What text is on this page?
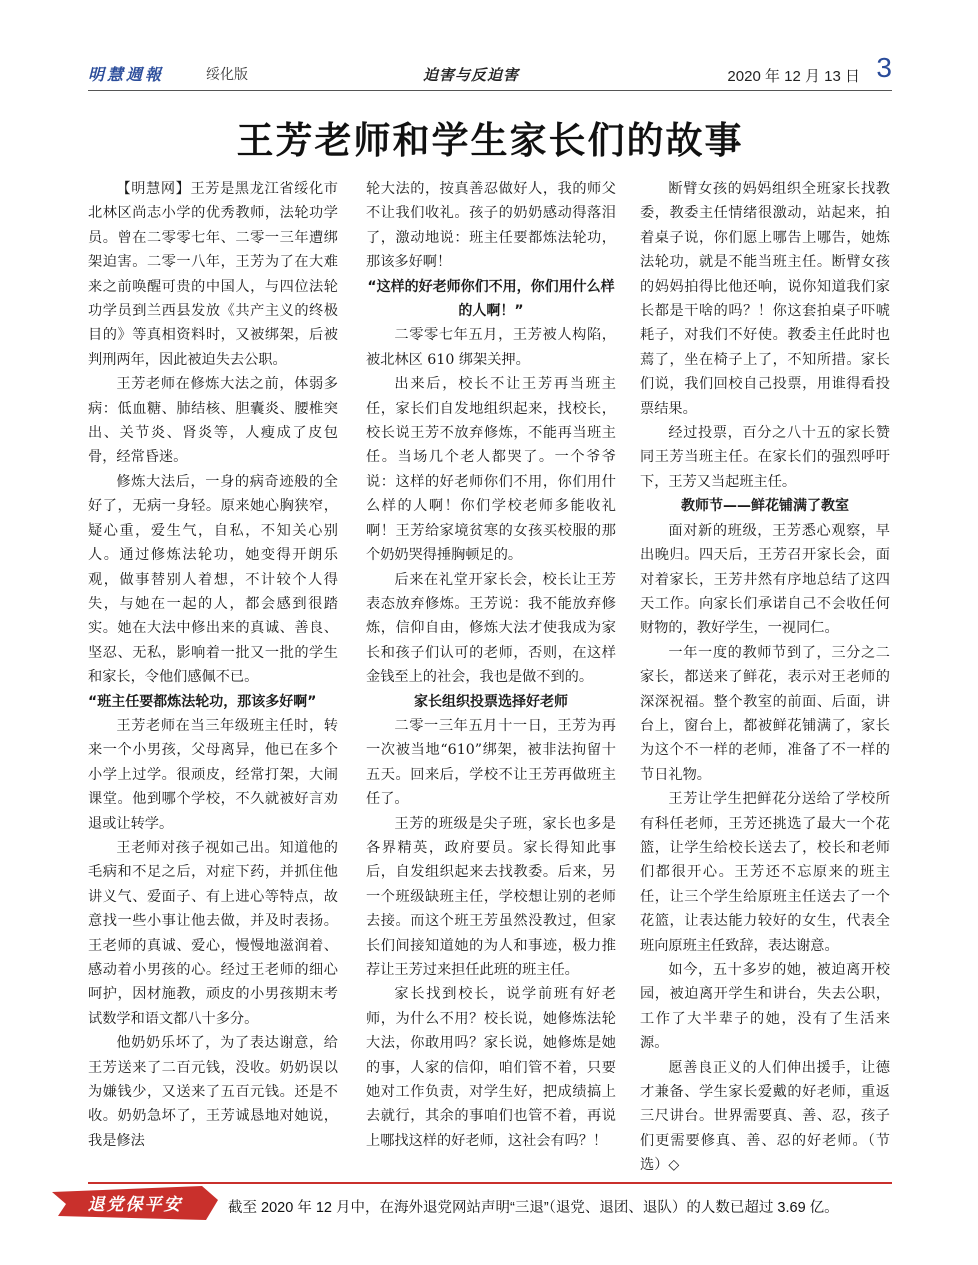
明慧週報	绥化版	迫害与反迫害	2020 年 12 月 13 日 3
王芳老师和学生家长们的故事

【明慧网】王芳是黑龙江省绥化市北林区尚志小学的优秀教师，法轮功学员。曾在二零零七年、二零一三年遭绑架迫害。二零一八年，王芳为了在大难来之前唤醒可贵的中国人，与四位法轮功学员到兰西县发放《共产主义的终极目的》等真相资料时，又被绑架，后被判刑两年，因此被迫失去公职。

王芳老师在修炼大法之前，体弱多病：低血糖、肺结核、胆囊炎、腰椎突出、关节炎、肾炎等，人瘦成了皮包骨，经常昏迷。

修炼大法后，一身的病奇迹般的全好了，无病一身轻。原来她心胸狭窄，疑心重，爱生气，自私，不知关心别人。通过修炼法轮功，她变得开朗乐观，做事替别人着想，不计较个人得失，与她在一起的人，都会感到很踏实。她在大法中修出来的真诚、善良、坚忍、无私，影响着一批又一批的学生和家长，令他们感佩不已。

“班主任要都炼法轮功，那该多好啊”

王芳老师在当三年级班主任时，转来一个小男孩，父母离异，他已在多个小学上过学。很顽皮，经常打架，大闹课堂。他到哪个学校，不久就被好言劝退或让转学。

王老师对孩子视如己出。知道他的毛病和不足之后，对症下药，并抓住他讲义气、爱面子、有上进心等特点，故意找一些小事让他去做，并及时表扬。王老师的真诚、爱心，慢慢地滋润着、感动着小男孩的心。经过王老师的细心呵护，因材施教，顽皮的小男孩期末考试数学和语文都八十多分。

他奶奶乐坏了，为了表达谢意，给王芳送来了二百元钱，没收。奶奶误以为嫌钱少，又送来了五百元钱。还是不收。奶奶急坏了，王芳诚恳地对她说，我是修法

轮大法的，按真善忍做好人，我的师父不让我们收礼。孩子的奶奶感动得落泪了，激动地说：班主任要都炼法轮功，那该多好啊！

“这样的好老师你们不用，你们用什么样的人啊！”

二零零七年五月，王芳被人构陷，被北林区 610 绑架关押。

出来后，校长不让王芳再当班主任，家长们自发地组织起来，找校长，校长说王芳不放弃修炼，不能再当班主任。当场几个老人都哭了。一个爷爷说：这样的好老师你们不用，你们用什么样的人啊！你们学校老师多能收礼啊！王芳给家境贫寒的女孩买校服的那个奶奶哭得捶胸顿足的。

后来在礼堂开家长会，校长让王芳表态放弃修炼。王芳说：我不能放弃修炼，信仰自由，修炼大法才使我成为家长和孩子们认可的老师，否则，在这样金钱至上的社会，我也是做不到的。

家长组织投票选择好老师

二零一三年五月十一日，王芳为再一次被当地“610”绑架，被非法拘留十五天。回来后，学校不让王芳再做班主任了。

王芳的班级是尖子班，家长也多是各界精英，政府要员。家长得知此事后，自发组织起来去找教委。后来，另一个班级缺班主任，学校想让别的老师去接。而这个班王芳虽然没教过，但家长们间接知道她的为人和事迹，极力推荐让王芳过来担任此班的班主任。

家长找到校长，说学前班有好老师，为什么不用？校长说，她修炼法轮大法，你敢用吗？家长说，她修炼是她的事，人家的信仰，咱们管不着，只要她对工作负责，对学生好，把成绩搞上去就行，其余的事咱们也管不着，再说上哪找这样的好老师，这社会有吗？！

断臂女孩的妈妈组织全班家长找教委，教委主任情绪很激动，站起来，拍着桌子说，你们愿上哪告上哪告，她炼法轮功，就是不能当班主任。断臂女孩的妈妈拍得比他还响，说你知道我们家长都是干啥的吗？！你这套拍桌子吓唬耗子，对我们不好使。教委主任此时也蔫了，坐在椅子上了，不知所措。家长们说，我们回校自己投票，用谁得看投票结果。

经过投票，百分之八十五的家长赞同王芳当班主任。在家长们的强烈呼吁下，王芳又当起班主任。

教师节——鲜花铺满了教室

面对新的班级，王芳悉心观察，早出晚归。四天后，王芳召开家长会，面对着家长，王芳井然有序地总结了这四天工作。向家长们承诺自己不会收任何财物的，教好学生，一视同仁。

一年一度的教师节到了，三分之二家长，都送来了鲜花，表示对王老师的深深祝福。整个教室的前面、后面，讲台上，窗台上，都被鲜花铺满了，家长为这个不一样的老师，准备了不一样的节日礼物。

王芳让学生把鲜花分送给了学校所有科任老师，王芳还挑选了最大一个花篮，让学生给校长送去了，校长和老师们都很开心。王芳还不忘原来的班主任，让三个学生给原班主任送去了一个花篮，让表达能力较好的女生，代表全班向原班主任致辞，表达谢意。

如今，五十多岁的她，被迫离开校园，被迫离开学生和讲台，失去公职，工作了大半辈子的她，没有了生活来源。

愿善良正义的人们伸出援手，让德才兼备、学生家长爱戴的好老师，重返三尺讲台。世界需要真、善、忍，孩子们更需要修真、善、忍的好老师。（节选）◇

退党保平安	截至 2020 年 12 月中，在海外退党网站声明“三退”（退党、退团、退队）的人数已超过 3.69 亿。
